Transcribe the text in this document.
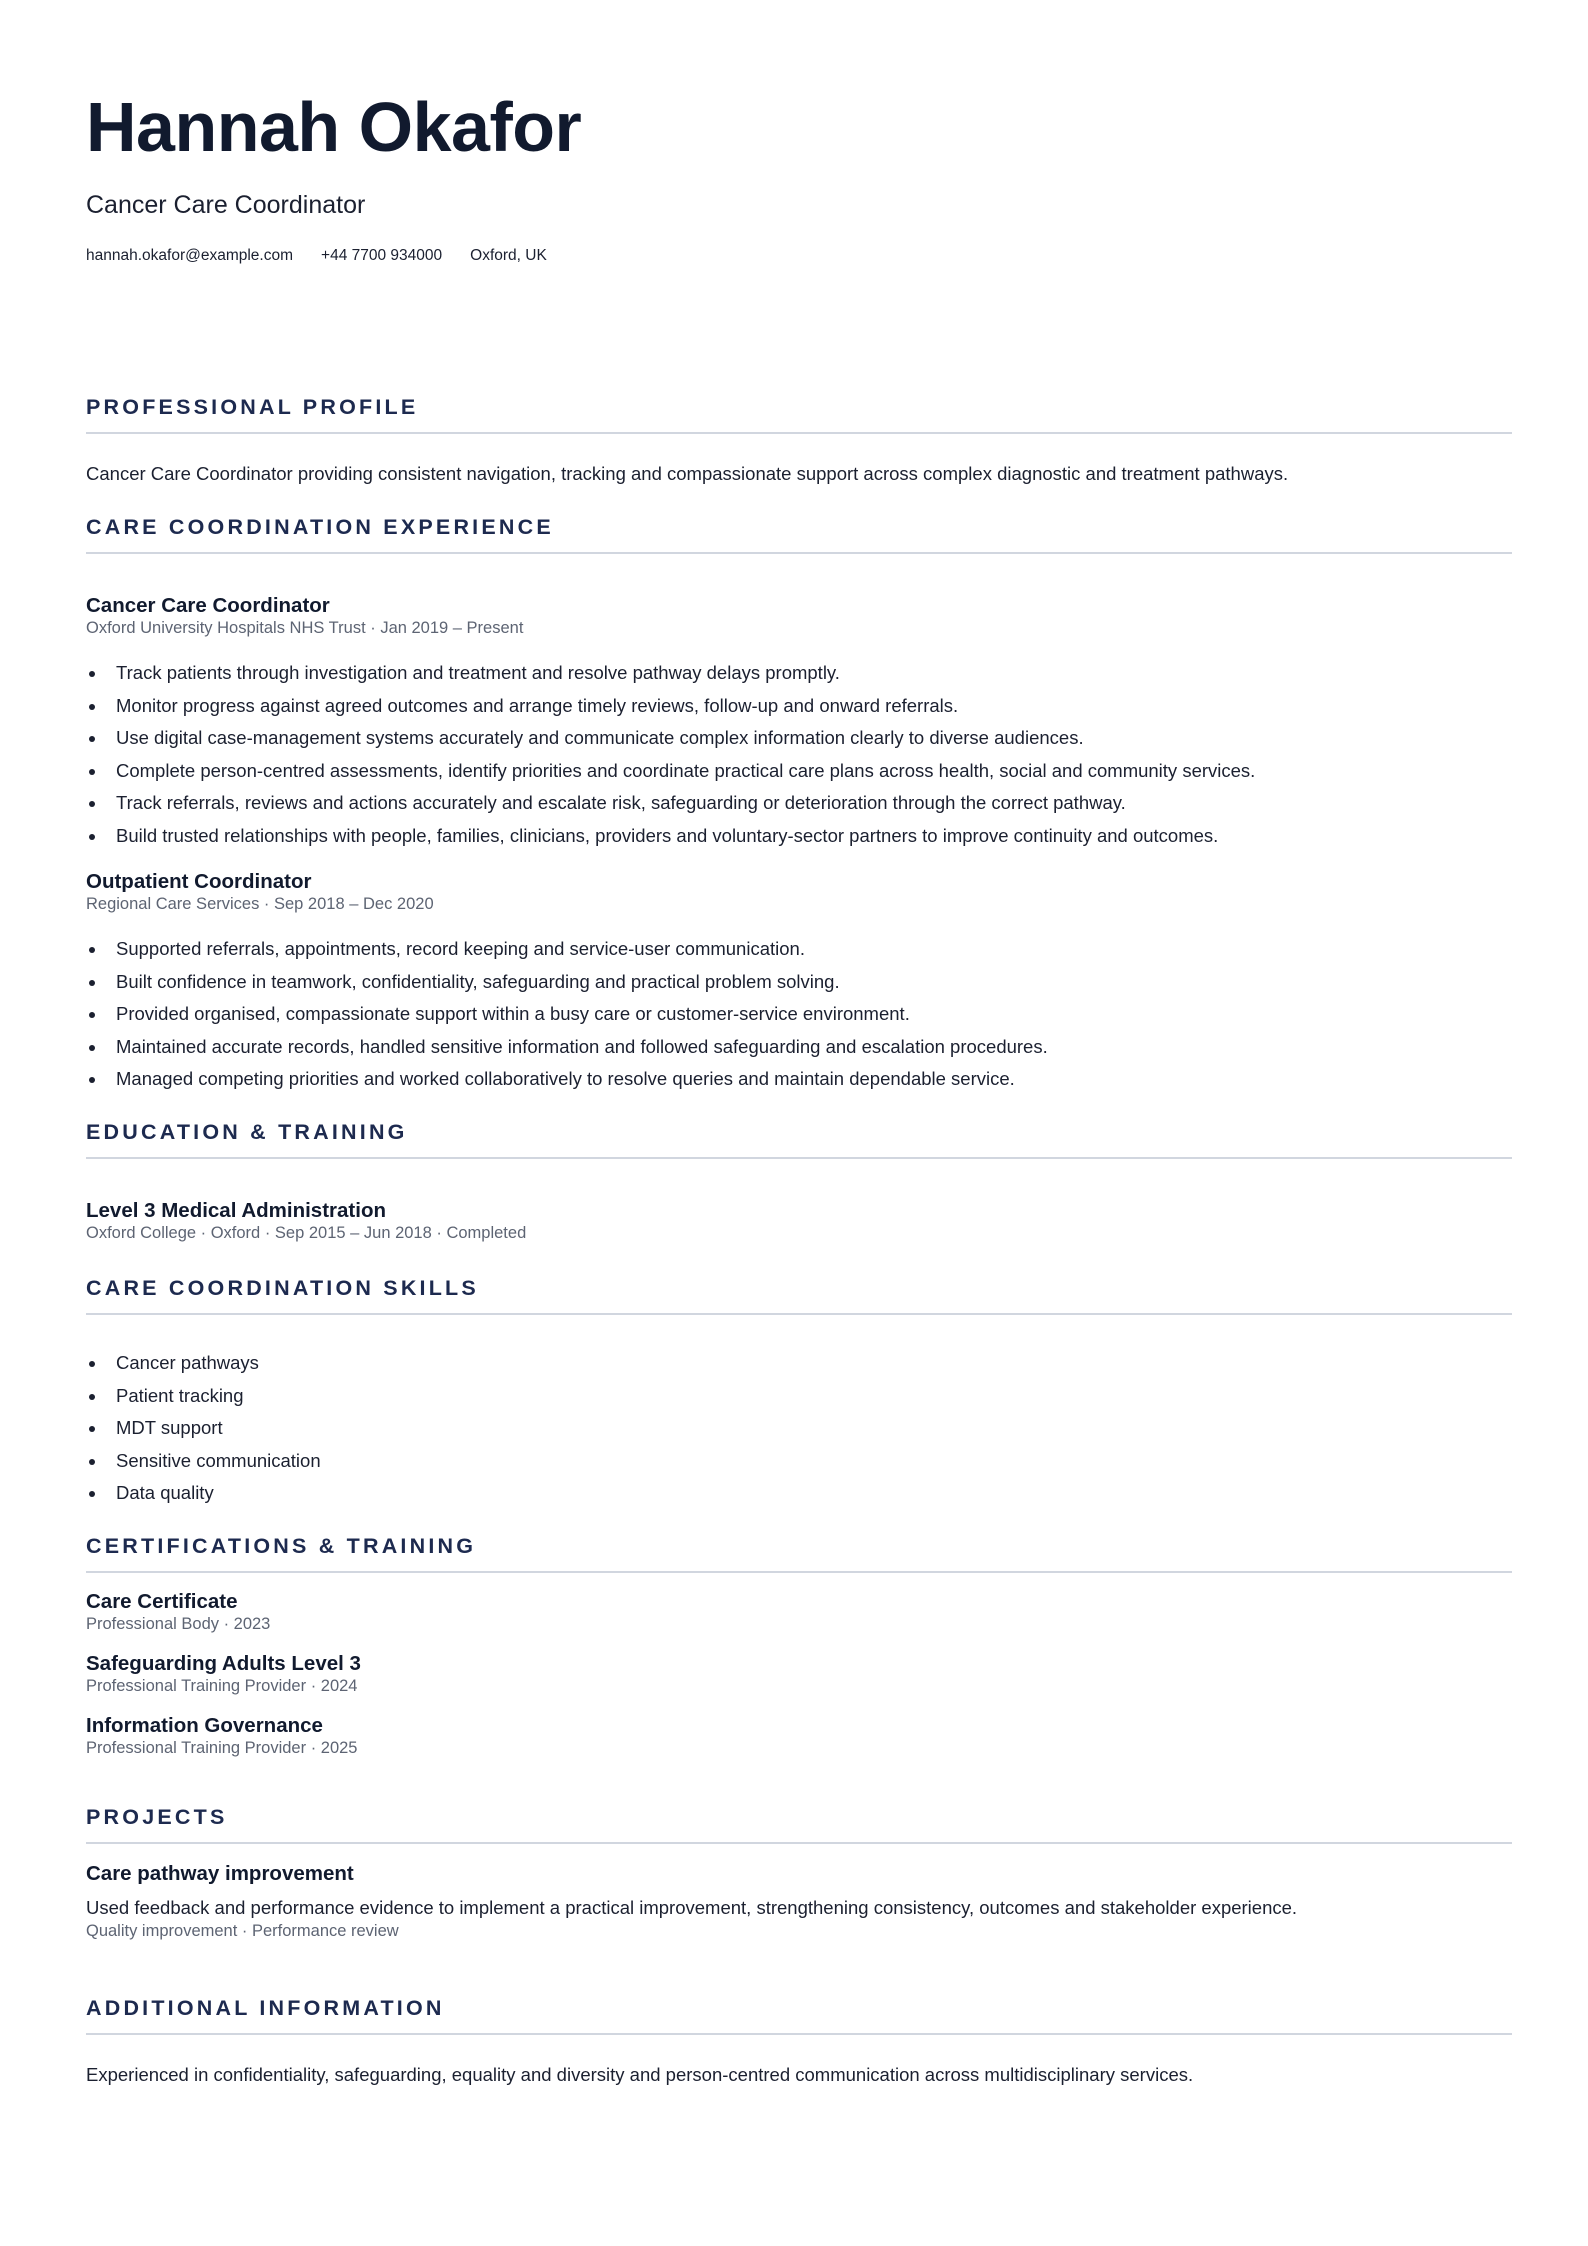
Hannah Okafor
Cancer Care Coordinator
hannah.okafor@example.com +44 7700 934000 Oxford, UK
PROFESSIONAL PROFILE
Cancer Care Coordinator providing consistent navigation, tracking and compassionate support across complex diagnostic and treatment pathways.
CARE COORDINATION EXPERIENCE
Cancer Care Coordinator
Oxford University Hospitals NHS Trust · Jan 2019 – Present
Track patients through investigation and treatment and resolve pathway delays promptly.
Monitor progress against agreed outcomes and arrange timely reviews, follow-up and onward referrals.
Use digital case-management systems accurately and communicate complex information clearly to diverse audiences.
Complete person-centred assessments, identify priorities and coordinate practical care plans across health, social and community services.
Track referrals, reviews and actions accurately and escalate risk, safeguarding or deterioration through the correct pathway.
Build trusted relationships with people, families, clinicians, providers and voluntary-sector partners to improve continuity and outcomes.
Outpatient Coordinator
Regional Care Services · Sep 2018 – Dec 2020
Supported referrals, appointments, record keeping and service-user communication.
Built confidence in teamwork, confidentiality, safeguarding and practical problem solving.
Provided organised, compassionate support within a busy care or customer-service environment.
Maintained accurate records, handled sensitive information and followed safeguarding and escalation procedures.
Managed competing priorities and worked collaboratively to resolve queries and maintain dependable service.
EDUCATION & TRAINING
Level 3 Medical Administration
Oxford College · Oxford · Sep 2015 – Jun 2018 · Completed
CARE COORDINATION SKILLS
Cancer pathways
Patient tracking
MDT support
Sensitive communication
Data quality
CERTIFICATIONS & TRAINING
Care Certificate
Professional Body · 2023
Safeguarding Adults Level 3
Professional Training Provider · 2024
Information Governance
Professional Training Provider · 2025
PROJECTS
Care pathway improvement
Used feedback and performance evidence to implement a practical improvement, strengthening consistency, outcomes and stakeholder experience.
Quality improvement · Performance review
ADDITIONAL INFORMATION
Experienced in confidentiality, safeguarding, equality and diversity and person-centred communication across multidisciplinary services.
